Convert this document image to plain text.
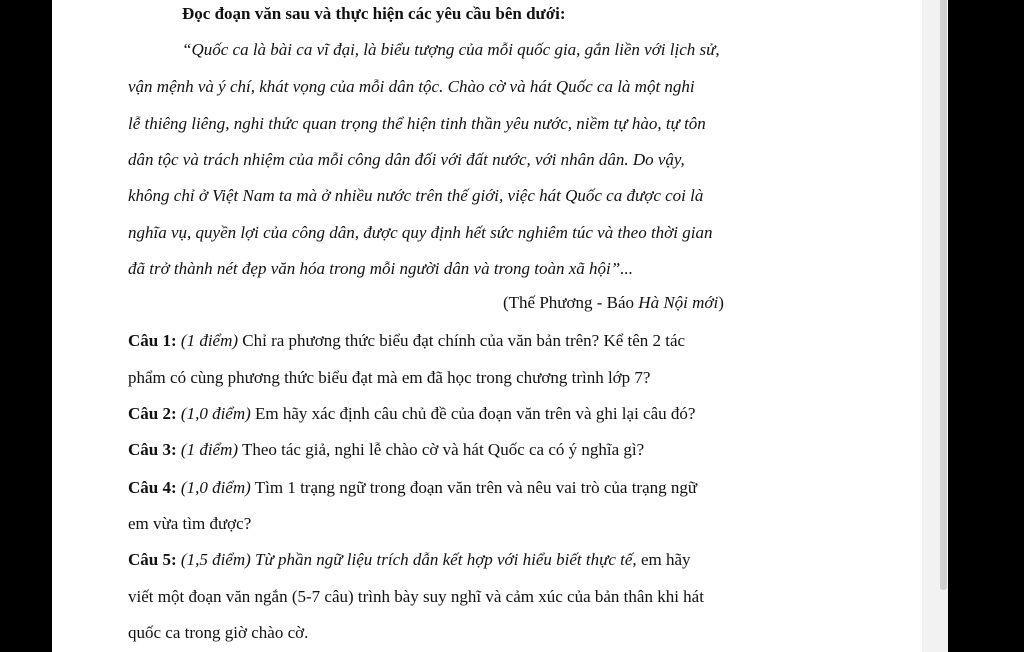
Đọc đoạn văn sau và thực hiện các yêu cầu bên dưới:
“Quốc ca là bài ca vĩ đại, là biểu tượng của mỗi quốc gia, gắn liền với lịch sử,
vận mệnh và ý chí, khát vọng của mỗi dân tộc. Chào cờ và hát Quốc ca là một nghi
lễ thiêng liêng, nghi thức quan trọng thể hiện tinh thần yêu nước, niềm tự hào, tự tôn
dân tộc và trách nhiệm của mỗi công dân đối với đất nước, với nhân dân. Do vậy,
không chỉ ở Việt Nam ta mà ở nhiều nước trên thế giới, việc hát Quốc ca được coi là
nghĩa vụ, quyền lợi của công dân, được quy định hết sức nghiêm túc và theo thời gian
đã trở thành nét đẹp văn hóa trong mỗi người dân và trong toàn xã hội”...
(Thế Phương - Báo Hà Nội mới)
Câu 1: (1 điểm) Chỉ ra phương thức biểu đạt chính của văn bản trên? Kể tên 2 tác
phẩm có cùng phương thức biểu đạt mà em đã học trong chương trình lớp 7?
Câu 2: (1,0 điểm) Em hãy xác định câu chủ đề của đoạn văn trên và ghi lại câu đó?
Câu 3: (1 điểm) Theo tác giả, nghi lễ chào cờ và hát Quốc ca có ý nghĩa gì?
Câu 4: (1,0 điểm) Tìm 1 trạng ngữ trong đoạn văn trên và nêu vai trò của trạng ngữ
em vừa tìm được?
Câu 5: (1,5 điểm) Từ phần ngữ liệu trích dẫn kết hợp với hiểu biết thực tế, em hãy
viết một đoạn văn ngắn (5-7 câu) trình bày suy nghĩ và cảm xúc của bản thân khi hát
quốc ca trong giờ chào cờ.
